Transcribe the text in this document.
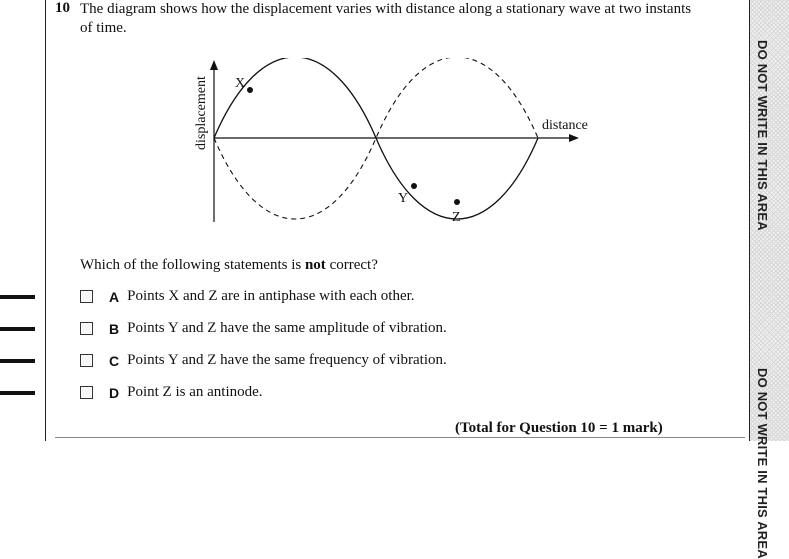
DO NOT WRITE IN THIS AREA
DO NOT WRITE IN THIS AREA
10 The diagram shows how the displacement varies with distance along a stationary wave at two instants of time.
X
Y
Z
distance
displacement
Which of the following statements is not correct?
A Points X and Z are in antiphase with each other.
B Points Y and Z have the same amplitude of vibration.
C Points Y and Z have the same frequency of vibration.
D Point Z is an antinode.
(Total for Question 10 = 1 mark)
